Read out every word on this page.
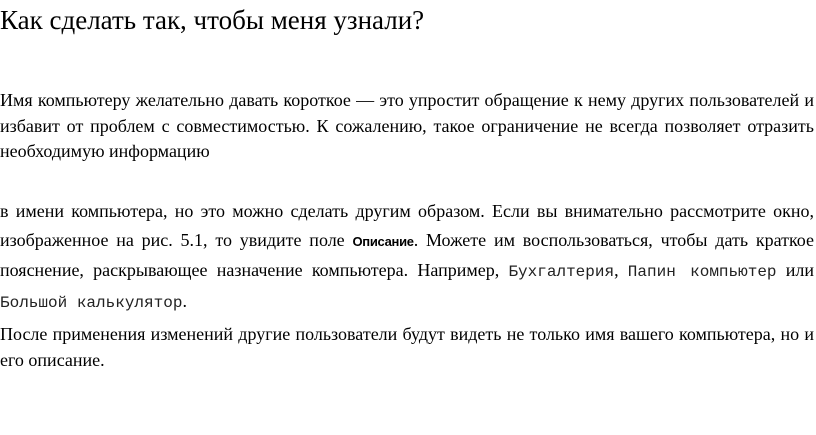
Как сделать так, чтобы меня узнали?

Имя компьютеру желательно давать короткое — это упростит обращение к нему других пользователей и избавит от проблем с совместимостью. К сожалению, такое ограничение не всегда позволяет отразить необходимую информацию

в имени компьютера, но это можно сделать другим образом. Если вы внимательно рассмотрите окно, изображенное на рис. 5.1, то увидите поле Описание. Можете им воспользоваться, чтобы дать краткое пояснение, раскрывающее назначение компьютера. Например, Бухгалтерия, Папин компьютер или Большой калькулятор.

После применения изменений другие пользователи будут видеть не только имя вашего компьютера, но и его описание.
